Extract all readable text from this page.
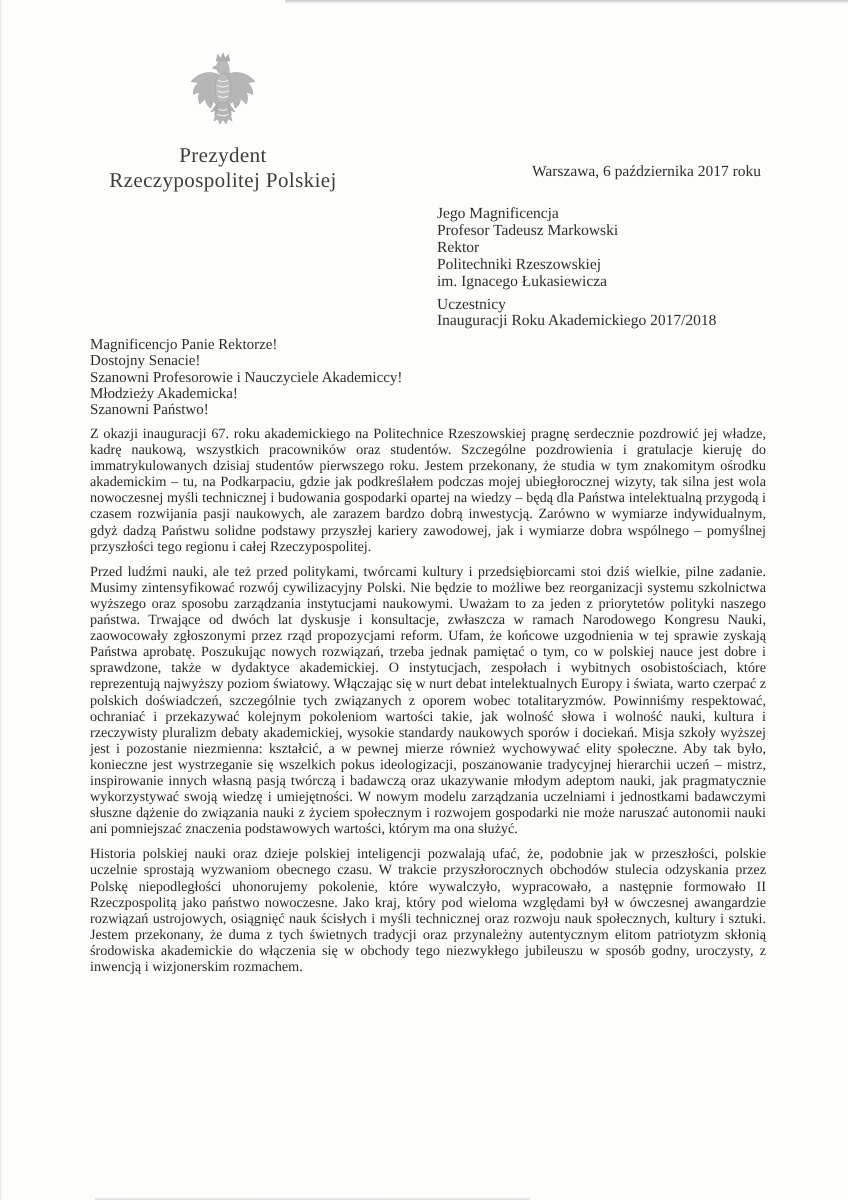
Prezydent
Rzeczypospolitej Polskiej	Warszawa, 6 października 2017 roku
Jego Magnificencja
Profesor Tadeusz Markowski
Rektor
Politechniki Rzeszowskiej
im. Ignacego Łukasiewicza
Uczestnicy
Inauguracji Roku Akademickiego 2017/2018
Magnificencjo Panie Rektorze!
Dostojny Senacie!
Szanowni Profesorowie i Nauczyciele Akademiccy!
Młodzieży Akademicka!
Szanowni Państwo!

Z okazji inauguracji 67. roku akademickiego na Politechnice Rzeszowskiej pragnę serdecznie pozdrowić jej władze, kadrę naukową, wszystkich pracowników oraz studentów. Szczególne pozdrowienia i gratulacje kieruję do immatrykulowanych dzisiaj studentów pierwszego roku. Jestem przekonany, że studia w tym znakomitym ośrodku akademickim – tu, na Podkarpaciu, gdzie jak podkreślałem podczas mojej ubiegłorocznej wizyty, tak silna jest wola nowoczesnej myśli technicznej i budowania gospodarki opartej na wiedzy – będą dla Państwa intelektualną przygodą i czasem rozwijania pasji naukowych, ale zarazem bardzo dobrą inwestycją. Zarówno w wymiarze indywidualnym, gdyż dadzą Państwu solidne podstawy przyszłej kariery zawodowej, jak i wymiarze dobra wspólnego – pomyślnej przyszłości tego regionu i całej Rzeczypospolitej.

Przed ludźmi nauki, ale też przed politykami, twórcami kultury i przedsiębiorcami stoi dziś wielkie, pilne zadanie. Musimy zintensyfikować rozwój cywilizacyjny Polski. Nie będzie to możliwe bez reorganizacji systemu szkolnictwa wyższego oraz sposobu zarządzania instytucjami naukowymi. Uważam to za jeden z priorytetów polityki naszego państwa. Trwające od dwóch lat dyskusje i konsultacje, zwłaszcza w ramach Narodowego Kongresu Nauki, zaowocowały zgłoszonymi przez rząd propozycjami reform. Ufam, że końcowe uzgodnienia w tej sprawie zyskają Państwa aprobatę. Poszukując nowych rozwiązań, trzeba jednak pamiętać o tym, co w polskiej nauce jest dobre i sprawdzone, także w dydaktyce akademickiej. O instytucjach, zespołach i wybitnych osobistościach, które reprezentują najwyższy poziom światowy. Włączając się w nurt debat intelektualnych Europy i świata, warto czerpać z polskich doświadczeń, szczególnie tych związanych z oporem wobec totalitaryzmów. Powinniśmy respektować, ochraniać i przekazywać kolejnym pokoleniom wartości takie, jak wolność słowa i wolność nauki, kultura i rzeczywisty pluralizm debaty akademickiej, wysokie standardy naukowych sporów i dociekań. Misja szkoły wyższej jest i pozostanie niezmienna: kształcić, a w pewnej mierze również wychowywać elity społeczne. Aby tak było, konieczne jest wystrzeganie się wszelkich pokus ideologizacji, poszanowanie tradycyjnej hierarchii uczeń – mistrz, inspirowanie innych własną pasją twórczą i badawczą oraz ukazywanie młodym adeptom nauki, jak pragmatycznie wykorzystywać swoją wiedzę i umiejętności. W nowym modelu zarządzania uczelniami i jednostkami badawczymi słuszne dążenie do związania nauki z życiem społecznym i rozwojem gospodarki nie może naruszać autonomii nauki ani pomniejszać znaczenia podstawowych wartości, którym ma ona służyć.

Historia polskiej nauki oraz dzieje polskiej inteligencji pozwalają ufać, że, podobnie jak w przeszłości, polskie uczelnie sprostają wyzwaniom obecnego czasu. W trakcie przyszłorocznych obchodów stulecia odzyskania przez Polskę niepodległości uhonorujemy pokolenie, które wywalczyło, wypracowało, a następnie formowało II Rzeczpospolitą jako państwo nowoczesne. Jako kraj, który pod wieloma względami był w ówczesnej awangardzie rozwiązań ustrojowych, osiągnięć nauk ścisłych i myśli technicznej oraz rozwoju nauk społecznych, kultury i sztuki. Jestem przekonany, że duma z tych świetnych tradycji oraz przynależny autentycznym elitom patriotyzm skłonią środowiska akademickie do włączenia się w obchody tego niezwykłego jubileuszu w sposób godny, uroczysty, z inwencją i wizjonerskim rozmachem.
